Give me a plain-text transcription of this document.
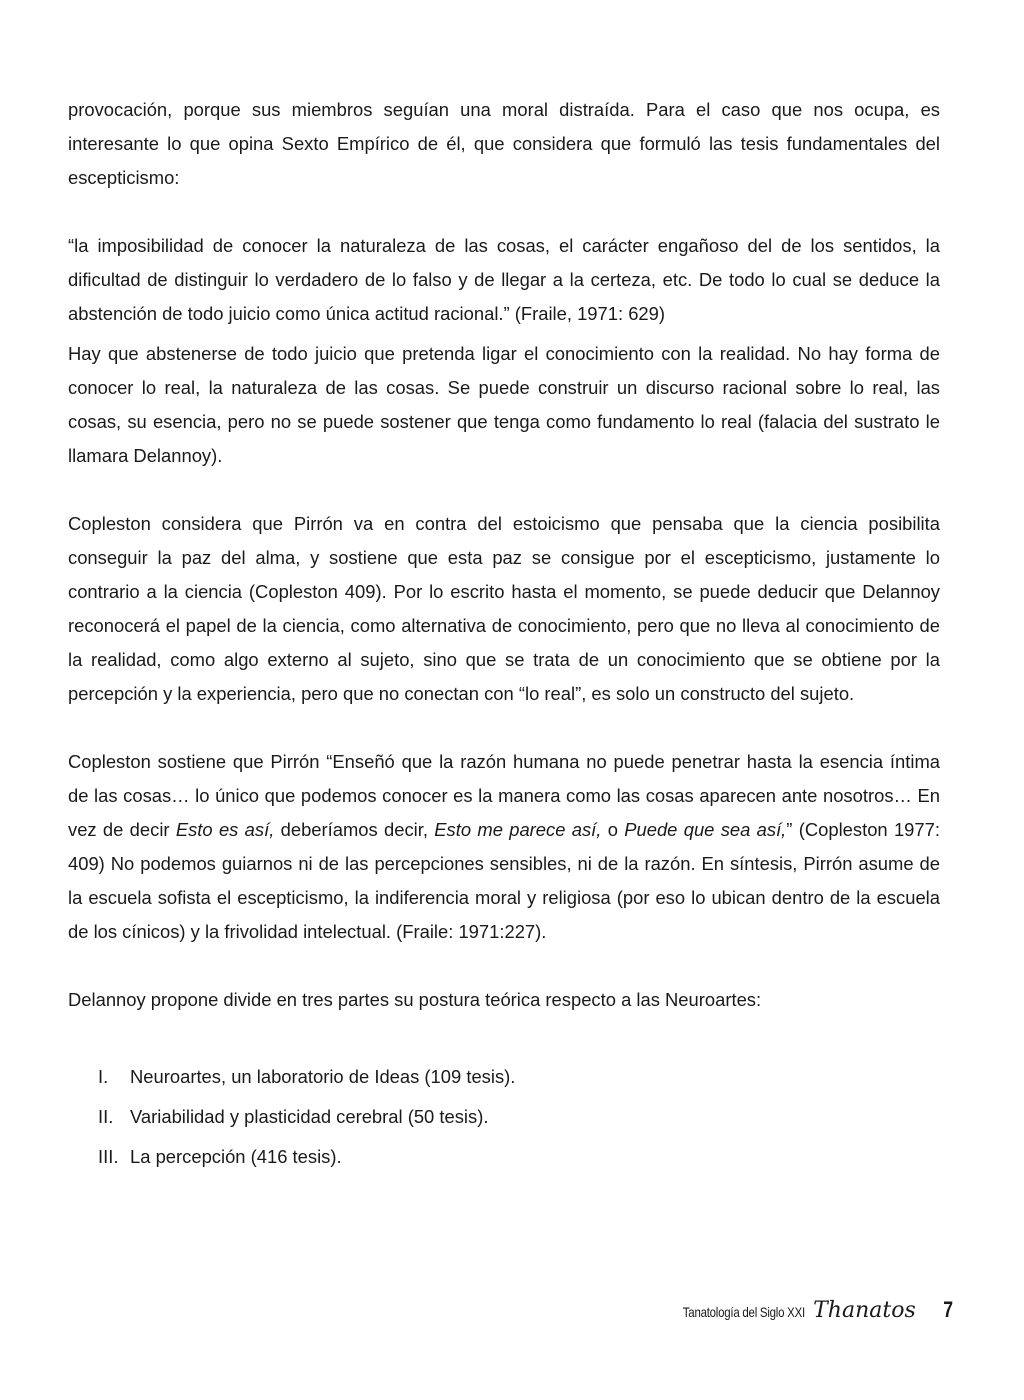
provocación, porque sus miembros seguían una moral distraída. Para el caso que nos ocupa, es interesante lo que opina Sexto Empírico de él, que considera que formuló las tesis fundamentales del escepticismo:

“la imposibilidad de conocer la naturaleza de las cosas, el carácter engañoso del de los sentidos, la dificultad de distinguir lo verdadero de lo falso y de llegar a la certeza, etc. De todo lo cual se deduce la abstención de todo juicio como única actitud racional.” (Fraile, 1971: 629)

Hay que abstenerse de todo juicio que pretenda ligar el conocimiento con la realidad. No hay forma de conocer lo real, la naturaleza de las cosas. Se puede construir un discurso racional sobre lo real, las cosas, su esencia, pero no se puede sostener que tenga como fundamento lo real (falacia del sustrato le llamara Delannoy).

Copleston considera que Pirrón va en contra del estoicismo que pensaba que la ciencia posibilita conseguir la paz del alma, y sostiene que esta paz se consigue por el escepticismo, justamente lo contrario a la ciencia (Copleston 409). Por lo escrito hasta el momento, se puede deducir que Delannoy reconocerá el papel de la ciencia, como alternativa de conocimiento, pero que no lleva al conocimiento de la realidad, como algo externo al sujeto, sino que se trata de un conocimiento que se obtiene por la percepción y la experiencia, pero que no conectan con “lo real”, es solo un constructo del sujeto.

Copleston sostiene que Pirrón “Enseñó que la razón humana no puede penetrar hasta la esencia íntima de las cosas… lo único que podemos conocer es la manera como las cosas aparecen ante nosotros… En vez de decir Esto es así, deberíamos decir, Esto me parece así, o Puede que sea así,” (Copleston 1977: 409) No podemos guiarnos ni de las percepciones sensibles, ni de la razón. En síntesis, Pirrón asume de la escuela sofista el escepticismo, la indiferencia moral y religiosa (por eso lo ubican dentro de la escuela de los cínicos) y la frivolidad intelectual. (Fraile: 1971:227).

Delannoy propone divide en tres partes su postura teórica respecto a las Neuroartes:

I.	Neuroartes, un laboratorio de Ideas (109 tesis).
II. Variabilidad y plasticidad cerebral (50 tesis).
III. La percepción (416 tesis).
Tanatología del Siglo XXI Thanatos 7
